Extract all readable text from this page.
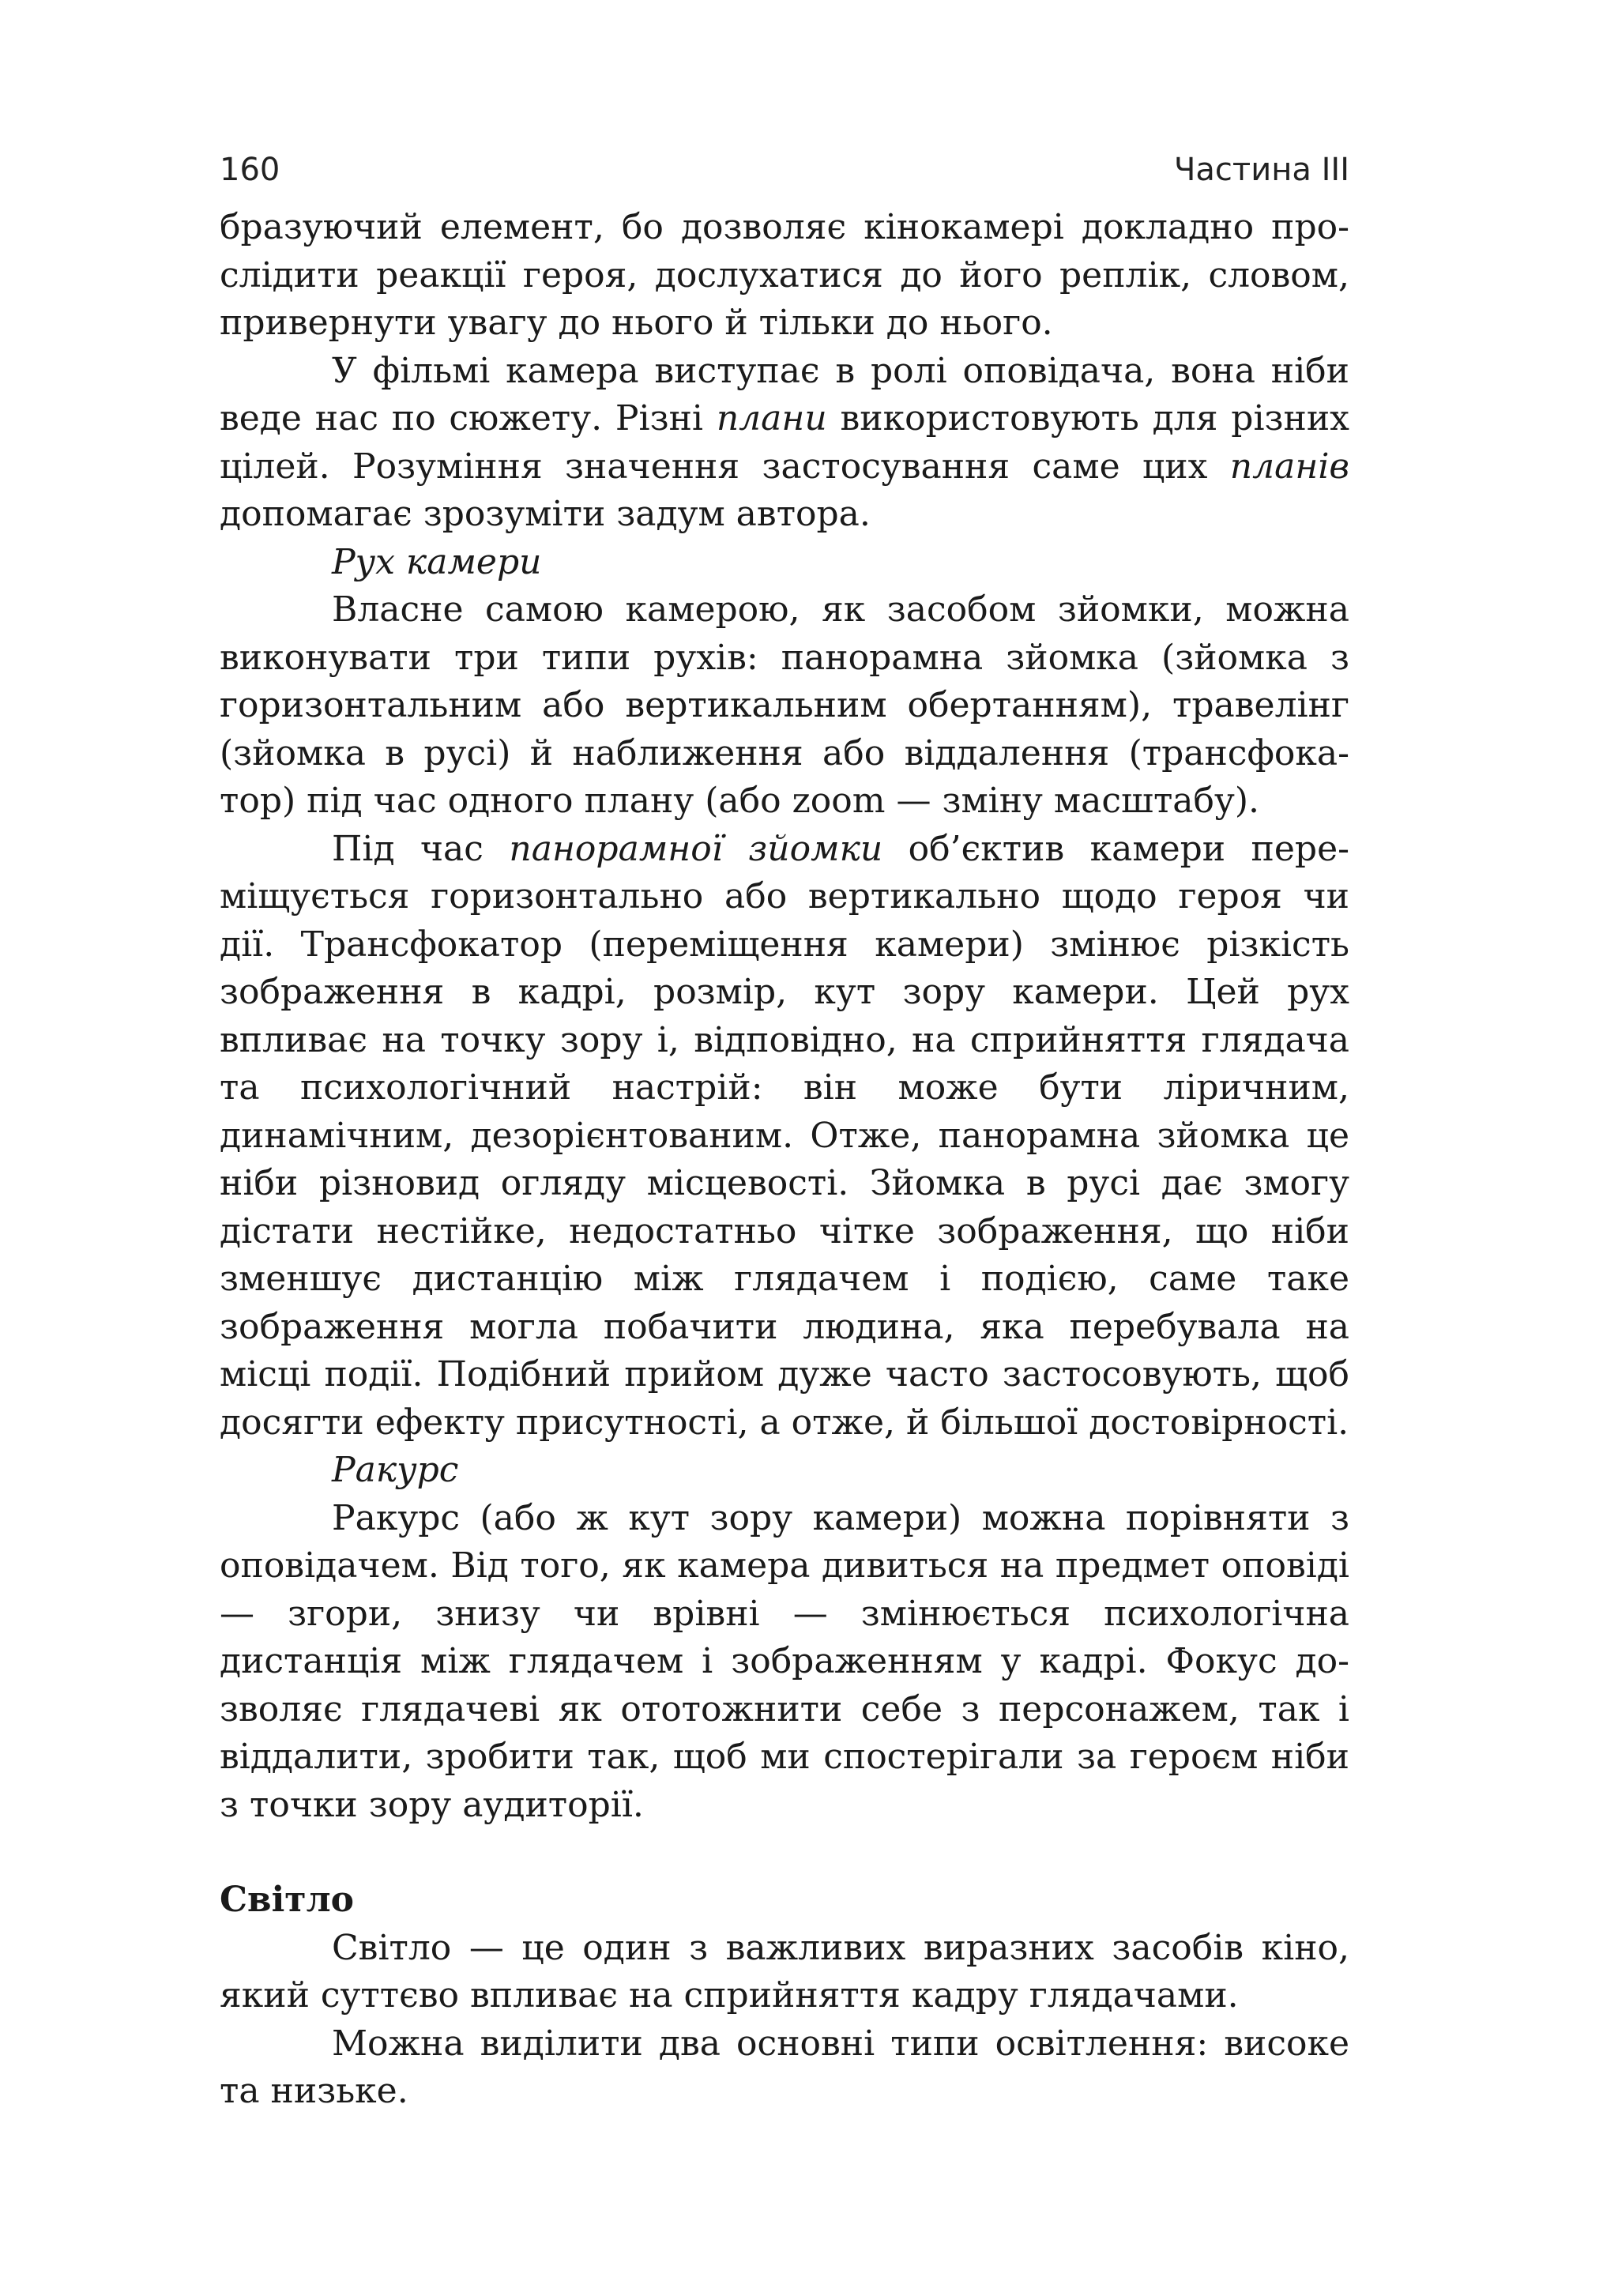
160	Частина III

бразуючий елемент, бо дозволяє кінокамері докладно прослідити реакції героя, дослухатися до його реплік, словом, привернути увагу до нього й тільки до нього.

У фільмі камера виступає в ролі оповідача, вона ніби веде нас по сюжету. Різні плани використовують для різних цілей. Розуміння значення застосування саме цих планів допомагає зрозуміти задум автора.

Рух камери

Власне самою камерою, як засобом зйомки, можна виконувати три типи рухів: панорамна зйомка (зйомка з горизонтальним або вертикальним обертанням), травелінг (зйомка в русі) й наближення або віддалення (трансфокатор) під час одного плану (або zoom — зміну масштабу).

Під час панорамної зйомки об’єктив камери переміщується горизонтально або вертикально щодо героя чи дії. Трансфокатор (переміщення камери) змінює різкість зображення в кадрі, розмір, кут зору камери. Цей рух впливає на точку зору і, відповідно, на сприйняття глядача та психологічний настрій: він може бути ліричним, динамічним, дезорієнтованим. Отже, панорамна зйомка це ніби різновид огляду місцевості. Зйомка в русі дає змогу дістати нестійке, недостатньо чітке зображення, що ніби зменшує дистанцію між глядачем і подією, саме таке зображення могла побачити людина, яка перебувала на місці події. Подібний прийом дуже часто застосовують, щоб досягти ефекту присутності, а отже, й більшої достовірності.

Ракурс

Ракурс (або ж кут зору камери) можна порівняти з оповідачем. Від того, як камера дивиться на предмет оповіді — згори, знизу чи врівні — змінюється психологічна дистанція між глядачем і зображенням у кадрі. Фокус дозволяє глядачеві як ототожнити себе з персонажем, так і віддалити, зробити так, щоб ми спостерігали за героєм ніби з точки зору аудиторії.

Світло

Світло — це один з важливих виразних засобів кіно, який суттєво впливає на сприйняття кадру глядачами.

Можна виділити два основні типи освітлення: високе та низьке.
